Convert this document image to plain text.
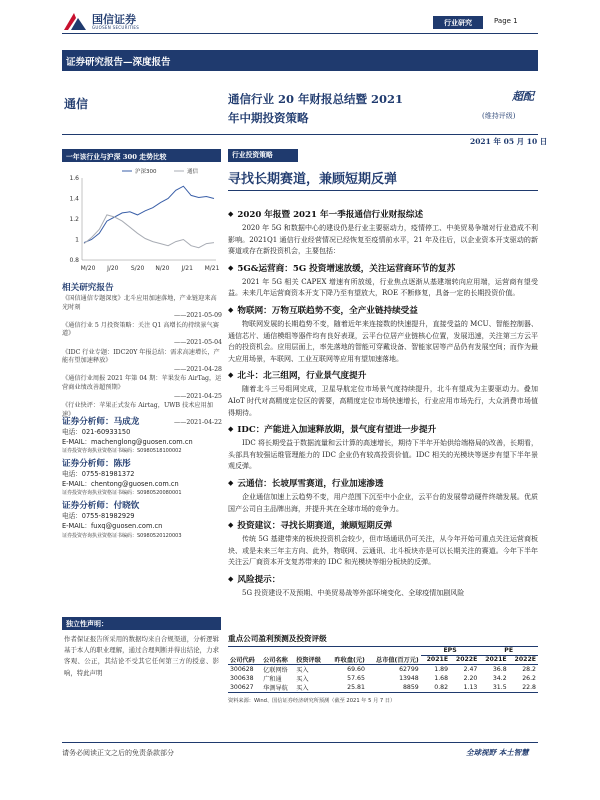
国信证券
GUOSEN SECURITIES
行业研究	Page 1
证券研究报告—深度报告
通信	通信行业 20 年财报总结暨 2021
年中期投资策略
超配
(维持评级)
2021 年 05 月 10 日
一年该行业与沪深 300 走势比较
1.6
1.4
1.2
1
0.8
M/20 J/20 S/20 N/20 J/21 M/21
沪深300	通信
相关研究报告
《国信通信专题深度》北斗应用加速落地，产业链迎来高光时刻
——2021-05-09
《通信行业 5 月投资策略：关注 Q1 高增长的持续景气赛道》
——2021-05-04
《IDC 行业专题：IDC20Y 年报总结：需求高速增长，产能有望加速释放》
——2021-04-28
《通信行业周报 2021 年第 04 期：苹果发布 AirTag，运营商业绩改善超预期》
——2021-04-25
《行业快评：苹果正式发布 Airtag，UWB 技术应用加速》
——2021-04-22
证券分析师：马成龙
电话：021-60933150
E-MAIL：machenglong@guosen.com.cn
证券投资咨询执业资格证书编码：S0980518100002
证券分析师：陈彤
电话：0755-81981372
E-MAIL：chentong@guosen.com.cn
证券投资咨询执业资格证书编码：S0980520080001
证券分析师：付晓钦
电话：0755-81982929
E-MAIL：fuxq@guosen.com.cn
证券投资咨询执业资格证书编码：S0980520120003
独立性声明：
作者保证报告所采用的数据均来自合规渠道，分析逻辑基于本人的职业理解，通过合理判断并得出结论，力求客观、公正，其结论不受其它任何第三方的授意、影响，特此声明
行业投资策略
寻找长期赛道，兼顾短期反弹
◆ 2020 年报暨 2021 年一季报通信行业财报综述
2020 年 5G 和数据中心的建设仍是行业主要驱动力，疫情停工、中美贸易争端对行业造成不利影响。2021Q1 通信行业经营情况已经恢复至疫情前水平，21 年及往后，以企业资本开支驱动的新赛道或存在新投资机会，主要包括：
◆ 5G&运营商：5G 投资增速放缓，关注运营商环节的复苏
2021 年 5G 相关 CAPEX 增速有所放缓，行业焦点逐渐从基建端转向应用端，运营商有望受益。未来几年运营商资本开支下降乃至有望放大，ROE 不断修复，具备一定的长期投资价值。
◆ 物联网：万物互联趋势不变，全产业链持续受益
物联网发展的长期趋势不变，随着近年来连接数的快速提升，直接受益的 MCU、智能控制器、通信芯片、通信模组等器件均有良好表现，云平台位居产业链核心位置，发展迅速，关注第三方云平台的投资机会。应用层面上，率先落地的智能可穿戴设备、智能家居等产品仍有发展空间；而作为最大应用场景，车联网、工业互联网等应用有望加速落地。
◆ 北斗：北三组网，行业景气度提升
随着北斗三号组网完成，卫星导航定位市场景气度持续提升，北斗有望成为主要驱动力。叠加 AIoT 时代对高精度定位区的需要，高精度定位市场快速增长，行业应用市场先行，大众消费市场值得期待。
◆ IDC：产能进入加速释放期，景气度有望进一步提升
IDC 将长期受益于数据流量和云计算的高速增长，期待下半年开始供给端格局的改善，长期看，头部具有较强运维管理能力的 IDC 企业仍有较高投资价值。IDC 相关的光模块等逐步有望下半年景观反弹。
◆ 云通信：长坡厚雪赛道，行业加速渗透
企业通信加速上云趋势不变，用户范围下沉至中小企业，云平台的发展带动硬件终端发展。优质国产公司自主品牌出海，并提升其在全球市场的竞争力。
◆ 投资建议：寻找长期赛道，兼顾短期反弹
传统 5G 基建带来的板块投资机会较少，但市场通讯仍可关注，从今年开始可重点关注运营商板块、或是未来三年主方向、此外，物联网、云通讯、北斗板块亦是可以长期关注的赛道。今年下半年关注云厂商资本开支复苏带来的 IDC 和光模块等细分板块的反弹。
◆ 风险提示：
5G 投资建设不及预期、中美贸易战等外部环境变化、全球疫情加剧风险
重点公司盈利预测及投资评级
					EPS		PE	
公司代码	公司名称	投资评级	昨收盘(元)	总市值(百万元)	2021E	2022E	2021E	2022E
300628	亿联网络	买入	69.60	62799	1.89	2.47	36.8	28.2
300638	广和通	买入	57.65	13948	1.68	2.20	34.2	26.2
300627	华测导航	买入	25.81	8859	0.82	1.13	31.5	22.8
资料来源：Wind、国信证券经济研究所预测（截至 2021 年 5 月 7 日）
请务必阅读正文之后的免责条款部分	全球视野 本土智慧
